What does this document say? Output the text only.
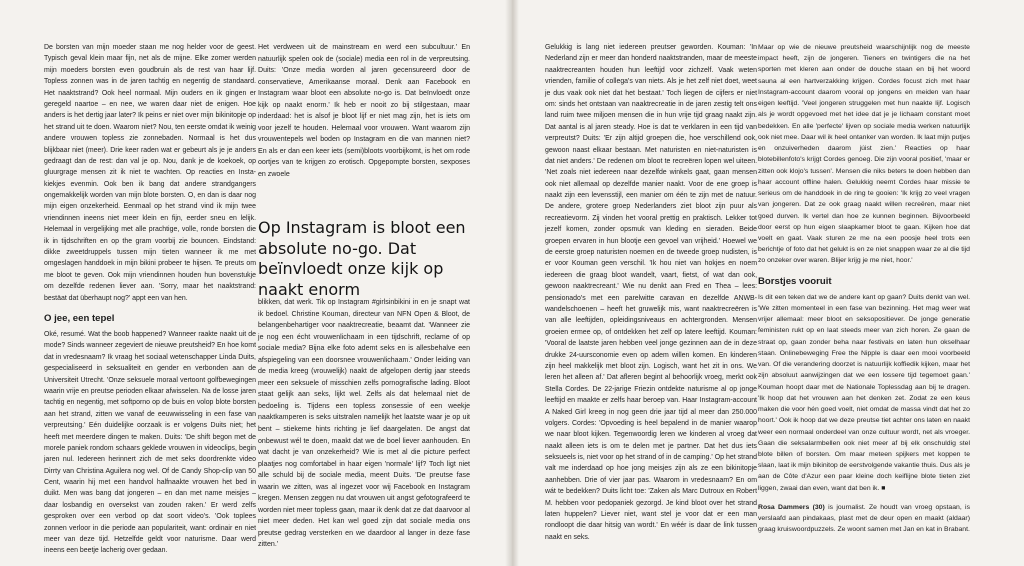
De borsten van mijn moeder staan me nog helder voor de geest. Typisch geval klein maar fijn, net als de mijne. Elke zomer werden mijn moeders borsten even goudbruin als de rest van haar lijf. Topless zonnen was in de jaren tachtig en negentig de standaard. Het naaktstrand? Ook heel normaal. Mijn ouders en ik gingen er geregeld naartoe – en nee, we waren daar niet de enigen. Hoe anders is het dertig jaar later? Ik peins er niet over mijn bikinitopje op het strand uit te doen. Waarom niet? Nou, ten eerste omdat ik weinig andere vrouwen topless zie zonnebaden. Normaal is het dus blijkbaar niet (meer). Drie keer raden wat er gebeurt als je je anders gedraagt dan de rest: dan val je op. Nou, dank je de koekoek, op gluurgrage mensen zit ik niet te wachten. Op reacties en Insta-kiekjes evenmin. Ook ben ik bang dat andere strandgangers ongemakkelijk worden van mijn blote borsten. O, en dan is daar nog mijn eigen onzekerheid. Eenmaal op het strand vind ik mijn twee vriendinnen ineens niet meer klein en fijn, eerder sneu en lelijk. Helemaal in vergelijking met alle prachtige, volle, ronde borsten die ik in tijdschriften en op the gram voorbij zie bouncen. Eindstand: dikke zweetdruppels tussen mijn tieten wanneer ik me met omgeslagen handdoek in mijn bikini probeer te hijsen. Te preuts om me bloot te geven. Ook mijn vriendinnen houden hun bovenstukje om dezelfde redenen liever aan. 'Sorry, maar het naaktstrand: bestäat dat überhaupt nog?' appt een van hen.

O jee, een tepel

Oké, resumé. Wat the boob happened? Wanneer raakte naakt uit de mode? Sinds wanneer zegeviert de nieuwe preutsheid? En hoe komt dat in vredesnaam? Ik vraag het sociaal wetenschapper Linda Duits, gespecialiseerd in seksualiteit en gender en verbonden aan de Universiteit Utrecht. 'Onze seksuele moraal vertoont golfbewegingen waarin vrije en preutse perioden elkaar afwisselen. Na de losse jaren tachtig en negentig, met softporno op de buis en volop blote borsten aan het strand, zitten we vanaf de eeuwwisseling in een fase van verpreutsing.' Eén duidelijke oorzaak is er volgens Duits niet; het heeft met meerdere dingen te maken. Duits: 'De shift begon met de morele paniek rondom schaars geklede vrouwen in videoclips, begin jaren nul. Iedereen herinnert zich de met seks doordrenkte video Dirrty van Christina Aguilera nog wel. Of de Candy Shop-clip van 50 Cent, waarin hij met een handvol halfnaakte vrouwen het bed in duikt. Men was bang dat jongeren – en dan met name meisjes – daar losbandig en oversekst van zouden raken.' Er werd zelfs gesproken over een verbod op dat soort video's. 'Ook toplees zonnen verloor in die periode aan populariteit, want: ordinair en niet meer van deze tijd. Hetzelfde geldt voor naturisme. Daar werd ineens een beetje lacherig over gedaan.

Het verdween uit de mainstream en werd een subcultuur.' En natuurlijk spelen ook de (sociale) media een rol in de verpreutsing. Duits: 'Onze media worden al jaren gecensureerd door de conservatieve, Amerikaanse moraal. Denk aan Facebook en Instagram waar bloot een absolute no-go is. Dat beïnvloedt onze kijk op naakt enorm.' Ik heb er nooit zo bij stilgestaan, maar inderdaad: het is alsof je bloot lijf er niet mag zijn, het is iets om voor jezelf te houden. Helemaal voor vrouwen. Want waarom zijn vrouwentepels wel boden op Instagram en die van mannen niet? En als er dan een keer iets (semi)bloots voorbijkomt, is het om rode oortjes van te krijgen zo erotisch. Opgepompte borsten, sexposes en zwoele

Op Instagram is bloot een absolute no-go. Dat beïnvloedt onze kijk op naakt enorm

blikken, dat werk. Tik op Instagram #girlsinbikini in en je snapt wat ik bedoel. Christine Kouman, directeur van NFN Open & Bloot, de belangenbehartiger voor naaktrecreatie, beaamt dat. 'Wanneer zie je nog een écht vrouwenlichaam in een tijdschrift, reclame of op sociale media? Bijna elke foto ademt seks en is allesbehalve een afspiegeling van een doorsnee vrouwenlichaam.' Onder leiding van de media kreeg (vrouwelijk) naakt de afgelopen dertig jaar steeds meer een seksuele of misschien zelfs pornografische lading. Bloot staat gelijk aan seks, lijkt wel. Zelfs als dat helemaal niet de bedoeling is. Tijdens een topless zonsessie of een weekje naaktkamperen is seks uitstralen namelijk het laatste waar je op uit bent – stiekeme hints richting je lief daargelaten. De angst dat onbewust wél te doen, maakt dat we de boel liever aanhouden. En wat dacht je van onzekerheid? Wie is met al die picture perfect plaatjes nog comfortabel in haar eigen 'normale' lijf? Toch ligt niet alle schuld bij de sociale media, meent Duits. 'De preutse fase waarin we zitten, was al ingezet voor wij Facebook en Instagram kregen. Mensen zeggen nu dat vrouwen uit angst gefotografeerd te worden niet meer topless gaan, maar ik denk dat ze dat daarvoor al niet meer deden. Het kan wel goed zijn dat sociale media ons preutse gedrag versterken en we daardoor al langer in deze fase zitten.'

Gelukkig is lang niet iedereen preutser geworden. Kouman: 'In Nederland zijn er meer dan honderd naaktstranden, maar de meeste naaktrecreanten houden hun leeftijd voor zichzelf. Vaak weten vrienden, familie of collega's van niets. Als je het zelf niet doet, weet je dus vaak ook niet dat het bestaat.' Toch liegen de cijfers er niet om: sinds het ontstaan van naaktrecreatie in de jaren zestig telt ons land ruim twee miljoen mensen die in hun vrije tijd graag naakt zijn. Dat aantal is al jaren steady. Hoe is dat te verklaren in een tijd van verpreutst? Duits: 'Er zijn altijd groepen die, hoe verschillend ook, gewoon naast elkaar bestaan. Met naturisten en niet-naturisten is dat niet anders.' De redenen om bloot te recreëren lopen wel uiteen. 'Net zoals niet iedereen naar dezelfde winkels gaat, gaan mensen ook niet allemaal op dezelfde manier naakt. Voor de ene groep is naakt zijn een levensstijl, een manier om één te zijn met de natuur. De andere, grotere groep Nederlanders ziet bloot zijn puur als recreatievorm. Zij vinden het vooral prettig en praktisch. Lekker tot jezelf komen, zonder opsmuk van kleding en sieraden. Beide groepen ervaren in hun blootje een gevoel van vrijheid.' Hoewel we de eerste groep naturisten noemen en de tweede groep nudisten, is er voor Kouman geen verschil. 'Ik hou niet van hokjes en noem iedereen die graag bloot wandelt, vaart, fietst, of wat dan ook, gewoon naaktrecreant.' Wie nu denkt aan Fred en Thea – lees: pensionado's met een parelwitte caravan en dezelfde ANWB-wandelschoenen – heeft het gruwelijk mis, want naaktrecreëren is van alle leeftijden, opleidingsniveaus en achtergronden. Mensen groeien ermee op, of ontdekken het zelf op latere leeftijd. Kouman: 'Vooral de laatste jaren hebben veel jonge gezinnen aan de in deze drukke 24-uursconomie even op adem willen komen. En kinderen zijn heel makkelijk met bloot zijn. Logisch, want het zit in ons. We leren het alleen af.' Dat afleren begint al behoorlijk vroeg, merkt ook Stella Cordes. De 22-jarige Friezin ontdekte naturisme al op jonge leeftijd en maakte er zelfs haar beroep van. Haar Instagram-account A Naked Girl kreeg in nog geen drie jaar tijd al meer dan 250.000 volgers. Cordes: 'Opvoeding is heel bepalend in de manier waarop we naar bloot kijken. Tegenwoordig leren we kinderen al vroeg dat naakt alleen iets is om te delen met je partner. Dat het dus iets seksueels is, niet voor op het strand of in de camping.' Op het strand valt me inderdaad op hoe jong meisjes zijn als ze een bikinitopje aanhebben. Drie of vier jaar pas. Waarom in vredesnaam? En om wát te bedekken? Duits licht toe: 'Zaken als Marc Dutroux en Robert M. hebben voor pedopaniek gezorgd. Je kind bloot over het strand laten huppelen? Liever niet, want stel je voor dat er een man rondloopt die daar hitsig van wordt.' En wéér is daar de link tussen naakt en seks.

Maar op wie de nieuwe preutsheid waarschijnlijk nog de meeste impact heeft, zijn de jongeren. Tieners en twintigers die na het sporten met kleren aan onder de douche staan en bij het woord sauna al een hartverzakking krijgen. Cordes focust zich met haar Instagram-account daarom vooral op jongens en meiden van haar eigen leeftijd. 'Veel jongeren struggelen met hun naakte lijf. Logisch als je wordt opgevoed met het idee dat je je lichaam constant moet bedekken. En alle 'perfecte' lijven op sociale media werken natuurlijk ook niet mee. Daar wil ik heel ontanker van worden. Ik laat mijn putjes en onzuiverheden daarom júist zien.' Reacties op haar blotebillenfoto's krijgt Cordes genoeg. Die zijn vooral positief, 'maar er zitten ook klojo's tussen'. Mensen die niks beters te doen hebben dan haar account offline halen. Gelukkig neemt Cordes haar missie te serieus om de handdoek in de ring te gooien: 'Ik krijg zo veel vragen van jongeren. Dat ze ook graag naakt willen recreëren, maar niet goed durven. Ik vertel dan hoe ze kunnen beginnen. Bijvoorbeeld door eerst op hun eigen slaapkamer bloot te gaan. Kijken hoe dat voelt en gaat. Vaak sturen ze me na een poosje heel trots een berichtje of foto dat het gelukt is en ze niet snappen waar ze al die tijd zo onzeker over waren. Blijer krijg je me niet, hoor.'

Borstjes vooruit

Is dit een teken dat we de andere kant op gaan? Duits denkt van wel. 'We zitten momenteel in een fase van bezinning. Het mag weer wat vrijer allemaal: meer bloot en seksopositiever. De jonge generatie feministen rukt op en laat steeds meer van zich horen. Ze gaan de straat op, gaan zonder beha naar festivals en laten hun okselhaar staan. Onlinebeweging Free the Nipple is daar een mooi voorbeeld van. Of die verandering doorzet is natuurlijk koffiedik kijken, maar het zijn absoluut aanwijzingen dat we een lossere tijd tegemoet gaan.' Kouman hoopt daar met de Nationale Toplessdag aan bij te dragen. 'Ik hoop dat het vrouwen aan het denken zet. Zodat ze een keus maken die voor hén goed voelt, niet omdat de massa vindt dat het zo hoort.' Ook ik hoop dat we deze preutse tiet achter ons laten en naakt weer een normaal onderdeel van onze cultuur wordt, net als vroeger. Gaan die seksalarmbellen ook niet meer af bij elk onschuldig stel blote billen of borsten. Om maar meteen spijkers met koppen te slaan, laat ik mijn bikinitop de eerstvolgende vakantie thuis. Dus als je aan de Côte d'Azur een paar kleine doch keiflijne blote tieten ziet liggen, zwaai dan even, want dat ben ik. ■

Rosa Dammers (30) is journalist. Ze houdt van vroeg opstaan, is verslaafd aan pindakaas, plast met de deur open en maakt (aldaar) graag kruiswoordpuzzels. Ze woont samen met Jan en kat in Brabant.
